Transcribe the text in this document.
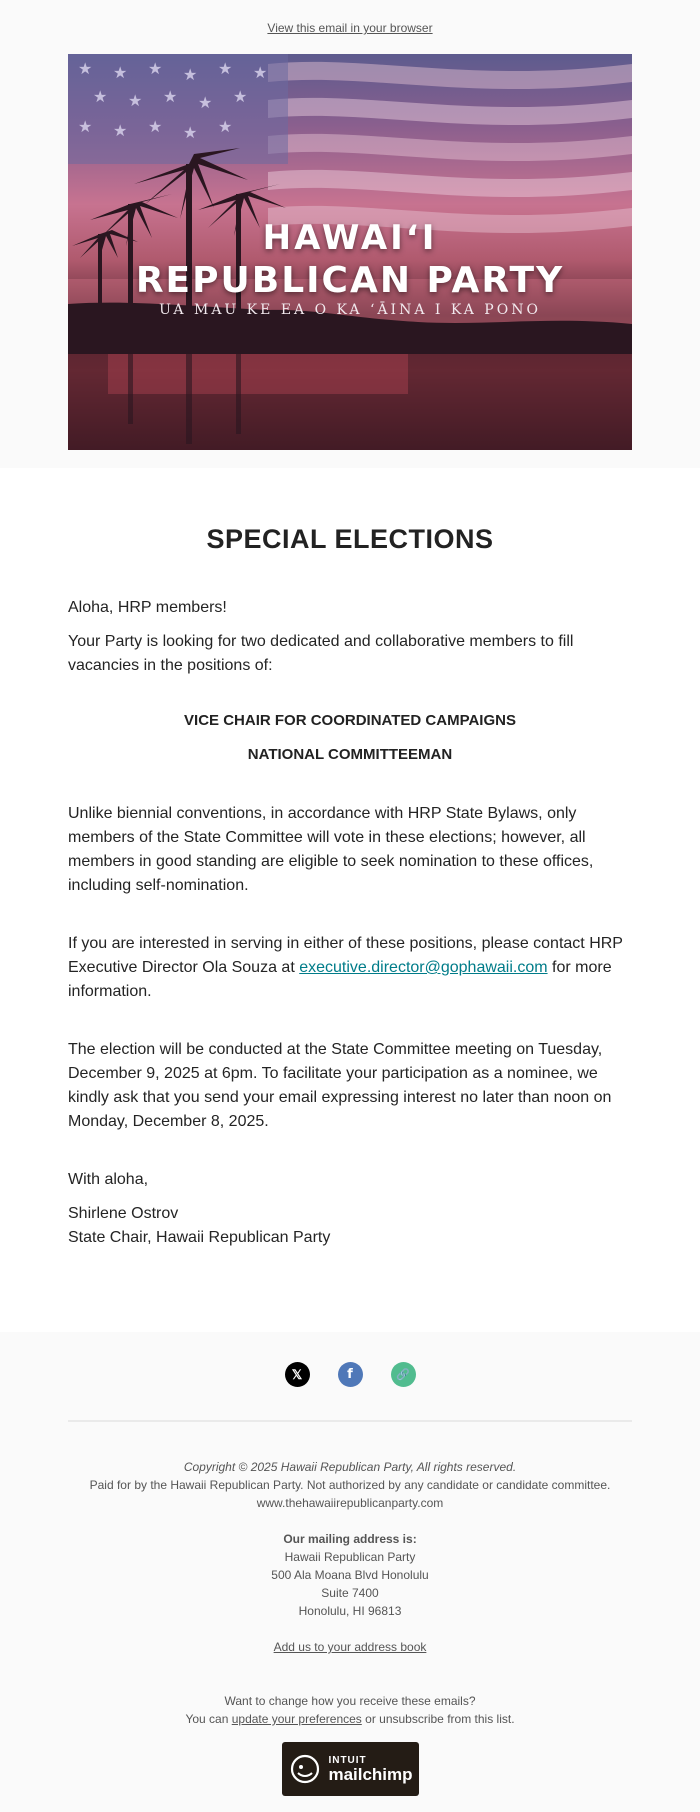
View this email in your browser
★ ★ ★ ★ ★ ★
★ ★ ★ ★ ★
★ ★ ★ ★ ★
HAWAIʻI
REPUBLICAN PARTY
UA MAU KE EA O KA ʻĀINA I KA PONO
SPECIAL ELECTIONS

Aloha, HRP members!

Your Party is looking for two dedicated and collaborative members to fill vacancies in the positions of:

VICE CHAIR FOR COORDINATED CAMPAIGNS
NATIONAL COMMITTEEMAN

Unlike biennial conventions, in accordance with HRP State Bylaws, only members of the State Committee will vote in these elections; however, all members in good standing are eligible to seek nomination to these offices, including self-nomination.

If you are interested in serving in either of these positions, please contact HRP Executive Director Ola Souza at executive.director@gophawaii.com for more information.

The election will be conducted at the State Committee meeting on Tuesday, December 9, 2025 at 6pm. To facilitate your participation as a nominee, we kindly ask that you send your email expressing interest no later than noon on Monday, December 8, 2025.

With aloha,

Shirlene Ostrov

State Chair, Hawaii Republican Party

𝕏	f	🔗
Copyright © 2025 Hawaii Republican Party, All rights reserved.
Paid for by the Hawaii Republican Party. Not authorized by any candidate or candidate committee.
www.thehawaiirepublicanparty.com
Our mailing address is:
Hawaii Republican Party
500 Ala Moana Blvd Honolulu
Suite 7400
Honolulu, HI 96813
Add us to your address book
Want to change how you receive these emails?
You can update your preferences or unsubscribe from this list.
INTUIT
mailchimp
